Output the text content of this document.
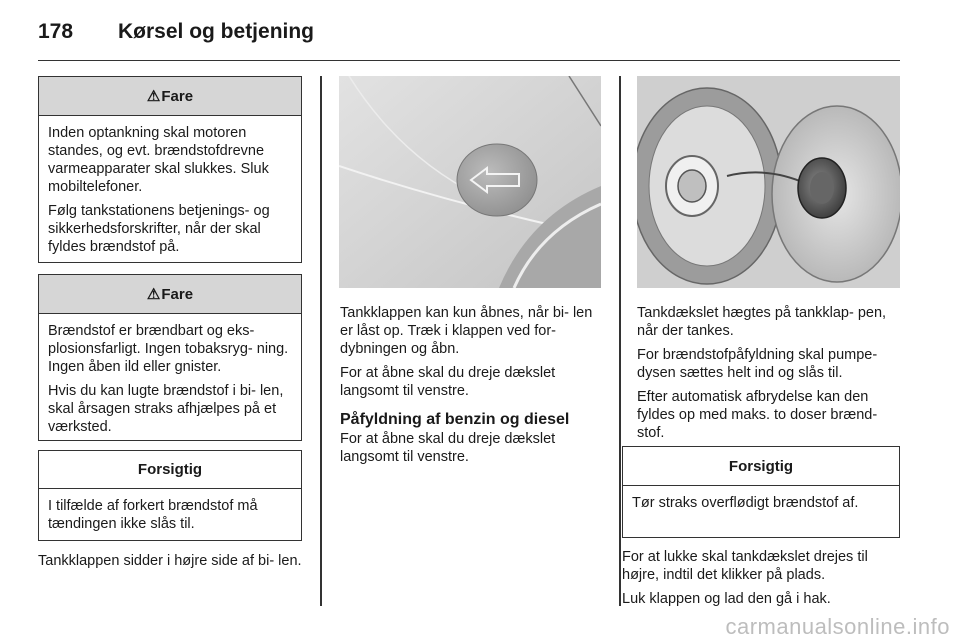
178 Kørsel og betjening
⚠ Fare

Inden optankning skal motoren standes, og evt. brændstofdrevne varmeapparater skal slukkes. Sluk mobiltelefoner.

Følg tankstationens betjenings- og sikkerhedsforskrifter, når der skal fyldes brændstof på.

⚠ Fare

Brændstof er brændbart og eks- plosionsfarligt. Ingen tobaksryg- ning. Ingen åben ild eller gnister.

Hvis du kan lugte brændstof i bi- len, skal årsagen straks afhjælpes på et værksted.

Forsigtig

I tilfælde af forkert brændstof må tændingen ikke slås til.

Tankklappen sidder i højre side af bi- len.

Tankklappen kan kun åbnes, når bi- len er låst op. Træk i klappen ved for- dybningen og åbn.

For at åbne skal du dreje dækslet langsomt til venstre.

Påfyldning af benzin og diesel

For at åbne skal du dreje dækslet langsomt til venstre.

Tankdækslet hægtes på tankklap- pen, når der tankes.

For brændstofpåfyldning skal pumpe- dysen sættes helt ind og slås til.

Efter automatisk afbrydelse kan den fyldes op med maks. to doser brænd- stof.

Forsigtig

Tør straks overflødigt brændstof af.

For at lukke skal tankdækslet drejes til højre, indtil det klikker på plads.

Luk klappen og lad den gå i hak.

carmanualsonline.info
